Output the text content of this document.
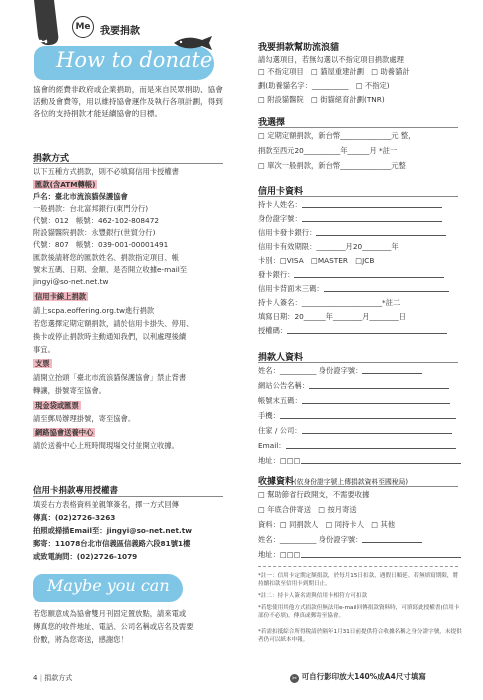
Me 我要捐款
How to donate
協會的經費非政府或企業捐助，而是來自民眾捐助、協會活動及會費等，用以維持協會運作及執行各項計劃，得到各位的支持捐款才能延續協會的目標。
捐款方式
以下五種方式捐款，則不必填寫信用卡授權書
匯款(含ATM轉帳)
戶名：臺北市流浪貓保護協會
一般捐款：台北富邦銀行(東門分行)
代號：012　帳號：462-102-808472
附設貓醫院捐款：永豐銀行(世貿分行)
代號：807　帳號：039-001-00001491
匯款後請將您的匯款姓名、捐款指定項目、帳
號末五碼、日期、金額、是否開立收據e-mail至
jingyi@so-net.net.tw
信用卡線上捐款
請上scpa.eoffering.org.tw進行捐款
若您選擇定期定額捐款，請於信用卡掛失、停用、
換卡或停止捐款時主動通知我們，以利處理後續
事宜。
支票
請開立抬頭「臺北市流浪貓保護協會」禁止背書
轉讓，掛號寄至協會。
現金袋或匯票
請至郵局辦理掛號，寄至協會。
網路協會送養中心
請於送養中心上班時間現場交付並開立收據。
信用卡捐款專用授權書
填妥右方表格資料並親筆簽名，擇一方式回傳
傳真：(02)2726-3263
拍照或掃描Email至：jingyi@so-net.net.tw
郵寄：11078台北市信義區信義路六段81號1樓
或致電詢問：(02)2726-1079
Maybe you can
若您願意成為協會雙月刊固定置放點，請來電或
傳真您的收件地址、電話、公司名稱或店名及需要
份數，將為您寄送，感謝您！
4 | 捐款方式
我要捐款幫助流浪貓
請勾選項目，若無勾選以不指定項目捐款處理
□ 不指定項目　□ 貓屋重建計劃　□ 助養貓計
劃(助養貓名字：__________　□ 不指定)
□ 附設貓醫院　□ 街貓絕育計劃(TNR)
我選擇
□ 定期定額捐款，新台幣______________元 整，
捐款至西元20__________年______月 *註一
□ 單次一般捐款，新台幣______________元整
信用卡資料
持卡人姓名：
身份證字號：
信用卡發卡銀行：
信用卡有效期限：________月20________年
卡別：□VISA　□MASTER　□JCB
發卡銀行：
信用卡背面末三碼：
持卡人簽名：______________________*註二
填寫日期：20______年________月________日
授權碼：
捐款人資料
姓名：__________ 身份證字號：
網站公告名稱：
帳號末五碼：
手機：
住家 / 公司：
Email：
地址：□□□
收據資料(依身份證字號上傳捐款資料至國稅局)
□ 幫助節省行政開支，不需要收據
□ 年底合併寄送　□ 按月寄送
資料：□ 同捐款人　□ 同持卡人　□ 其他
姓名：__________ 身份證字號：
地址：□□□
*註一：信用卡定期定額捐款，於每月15日扣款，遇假日順延。若無填寫期限，將持續扣款至信用卡到期日止。
*註二：持卡人簽名需與信用卡相符方可扣款
*若您使用其他方式捐款但無法用e-mail回傳捐款資料時，可填寫此授權書(信用卡部份不必填)，傳真或郵寄至協會。
*若需扣抵綜合所得稅請於隔年1月31日前提供符合收據名稱之身分證字號，未提供者仍可以紙本申報。
✂ 可自行影印放大140%成A4尺寸填寫
